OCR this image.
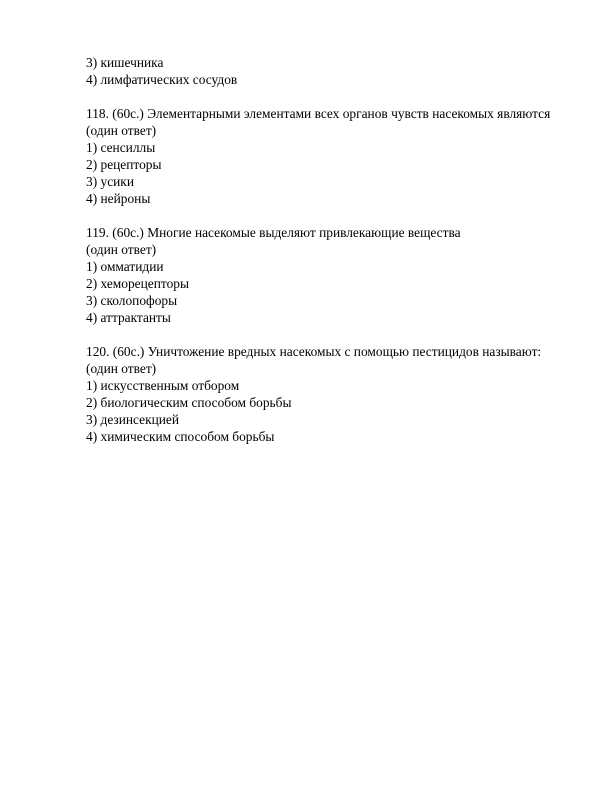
3) кишечника
4) лимфатических сосудов
118. (60c.) Элементарными элементами всех органов чувств насекомых являются
(один ответ)
1) сенсиллы
2) рецепторы
3) усики
4) нейроны
119. (60c.) Многие насекомые выделяют привлекающие вещества
(один ответ)
1) омматидии
2) хеморецепторы
3) сколопофоры
4) аттрактанты
120. (60c.) Уничтожение вредных насекомых с помощью пестицидов называют:
(один ответ)
1) искусственным отбором
2) биологическим способом борьбы
3) дезинсекцией
4) химическим способом борьбы
